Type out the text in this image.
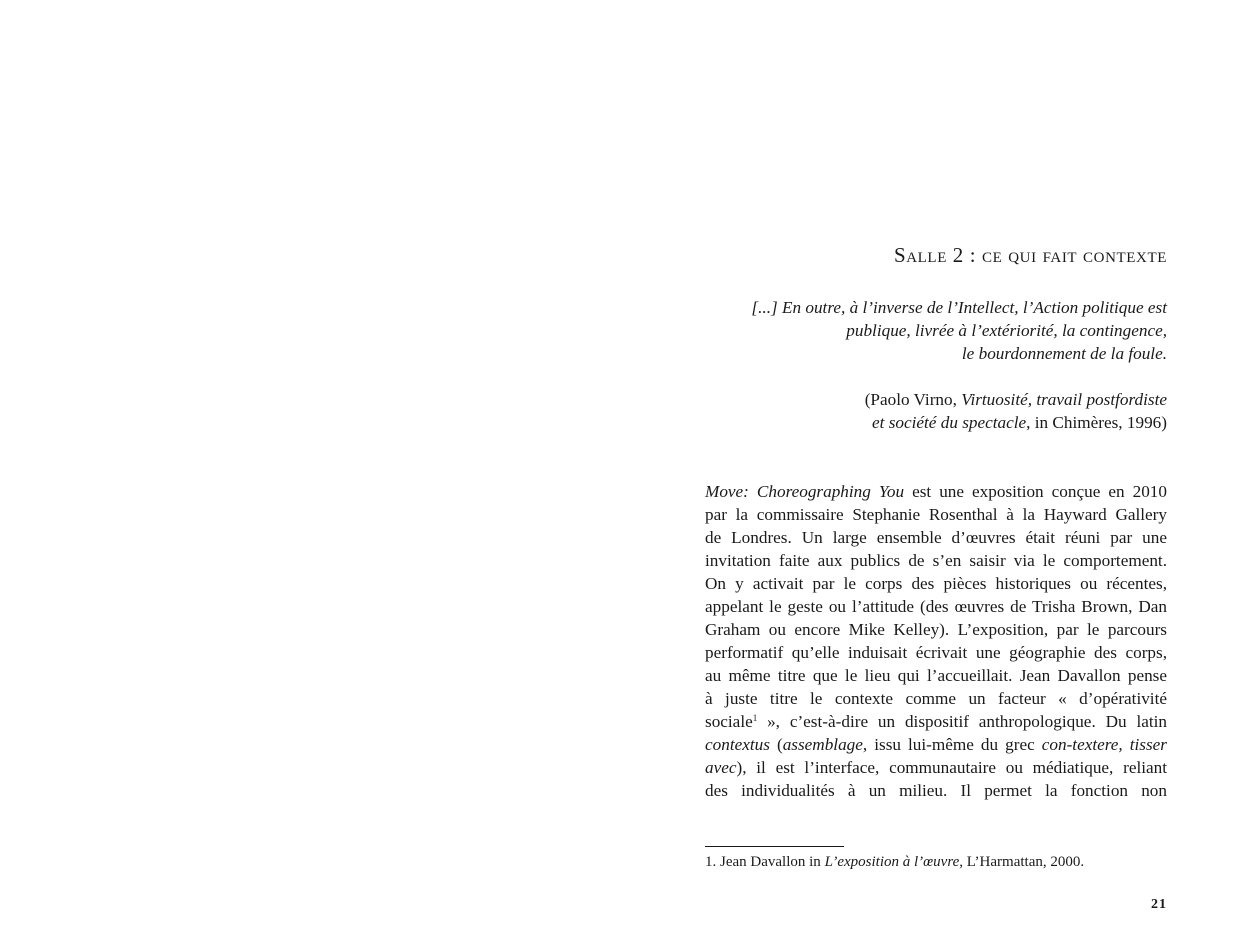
Salle 2 : ce qui fait contexte
[...] En outre, à l’inverse de l’Intellect, l’Action politique est
publique, livrée à l’extériorité, la contingence,
le bourdonnement de la foule.
(Paolo Virno, Virtuosité, travail postfordiste
et société du spectacle, in Chimères, 1996)
Move: Choreographing You est une exposition conçue en 2010
par la commissaire Stephanie Rosenthal à la Hayward Gallery
de Londres. Un large ensemble d’œuvres était réuni par une
invitation faite aux publics de s’en saisir via le comportement.
On y activait par le corps des pièces historiques ou récentes,
appelant le geste ou l’attitude (des œuvres de Trisha Brown, Dan
Graham ou encore Mike Kelley). L’exposition, par le parcours
performatif qu’elle induisait écrivait une géographie des corps,
au même titre que le lieu qui l’accueillait. Jean Davallon pense
à juste titre le contexte comme un facteur « d’opérativité
sociale$^1$ », c’est-à-dire un dispositif anthropologique. Du latin
contextus (assemblage, issu lui-même du grec con-textere, tisser
avec), il est l’interface, communautaire ou médiatique, reliant
des individualités à un milieu. Il permet la fonction non
1. Jean Davallon in L’exposition à l’œuvre, L’Harmattan, 2000.
21
